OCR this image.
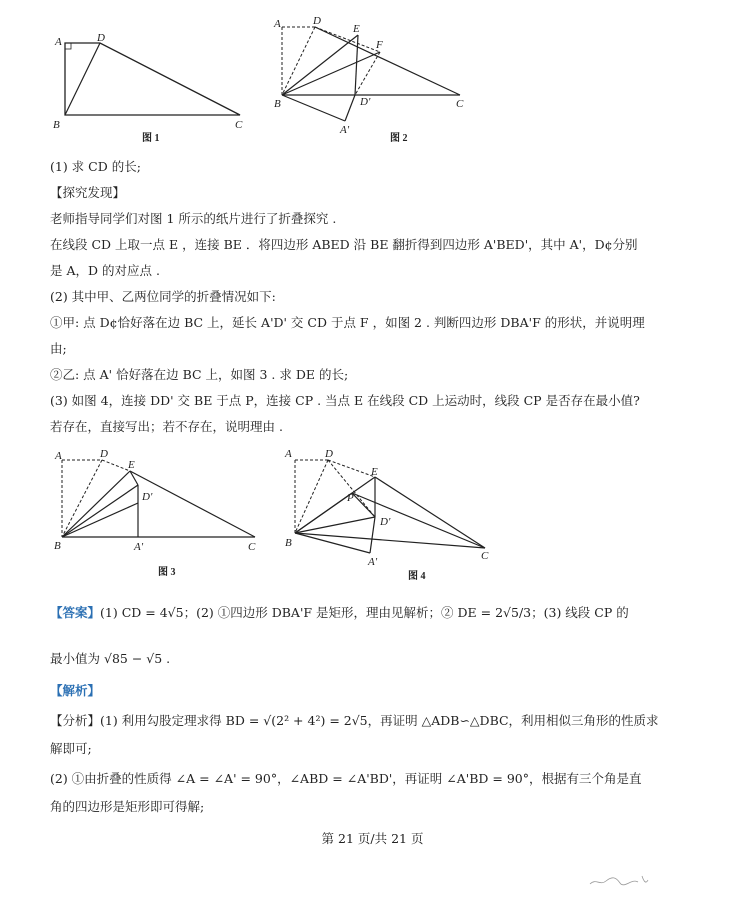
A	D
B	C
图 1
A	D
E
F
B	D'	C
A'
图 2
(1) 求 CD 的长;
【探究发现】
老师指导同学们对图 1 所示的纸片进行了折叠探究 .
在线段 CD 上取一点 E ，连接 BE ．将四边形 ABED 沿 BE 翻折得到四边形 A'BED'，其中 A'，D¢分别
是 A，D 的对应点 .
(2) 其中甲、乙两位同学的折叠情况如下:
①甲: 点 D¢恰好落在边 BC 上，延长 A'D' 交 CD 于点 F ，如图 2 . 判断四边形 DBA'F 的形状，并说明理
由;
②乙: 点 A' 恰好落在边 BC 上，如图 3 . 求 DE 的长;
(3) 如图 4，连接 DD' 交 BE 于点 P，连接 CP . 当点 E 在线段 CD 上运动时，线段 CP 是否存在最小值?
若存在，直接写出；若不存在，说明理由 .
A	D
E
D'
B	A'	C
图 3
A	D
E
P
D'
B
A'	C
图 4
【答案】(1) CD = 4√5；(2) ①四边形 DBA'F 是矩形，理由见解析；② DE = 2√5/3；(3) 线段 CP 的
最小值为 √85 − √5 .
【解析】
【分析】(1) 利用勾股定理求得 BD = √(2² + 4²) = 2√5，再证明 △ADB∽△DBC，利用相似三角形的性质求
解即可;
(2) ①由折叠的性质得 ∠A = ∠A' = 90°，∠ABD = ∠A'BD'，再证明 ∠A'BD = 90°，根据有三个角是直
角的四边形是矩形即可得解;
第 21 页/共 21 页
